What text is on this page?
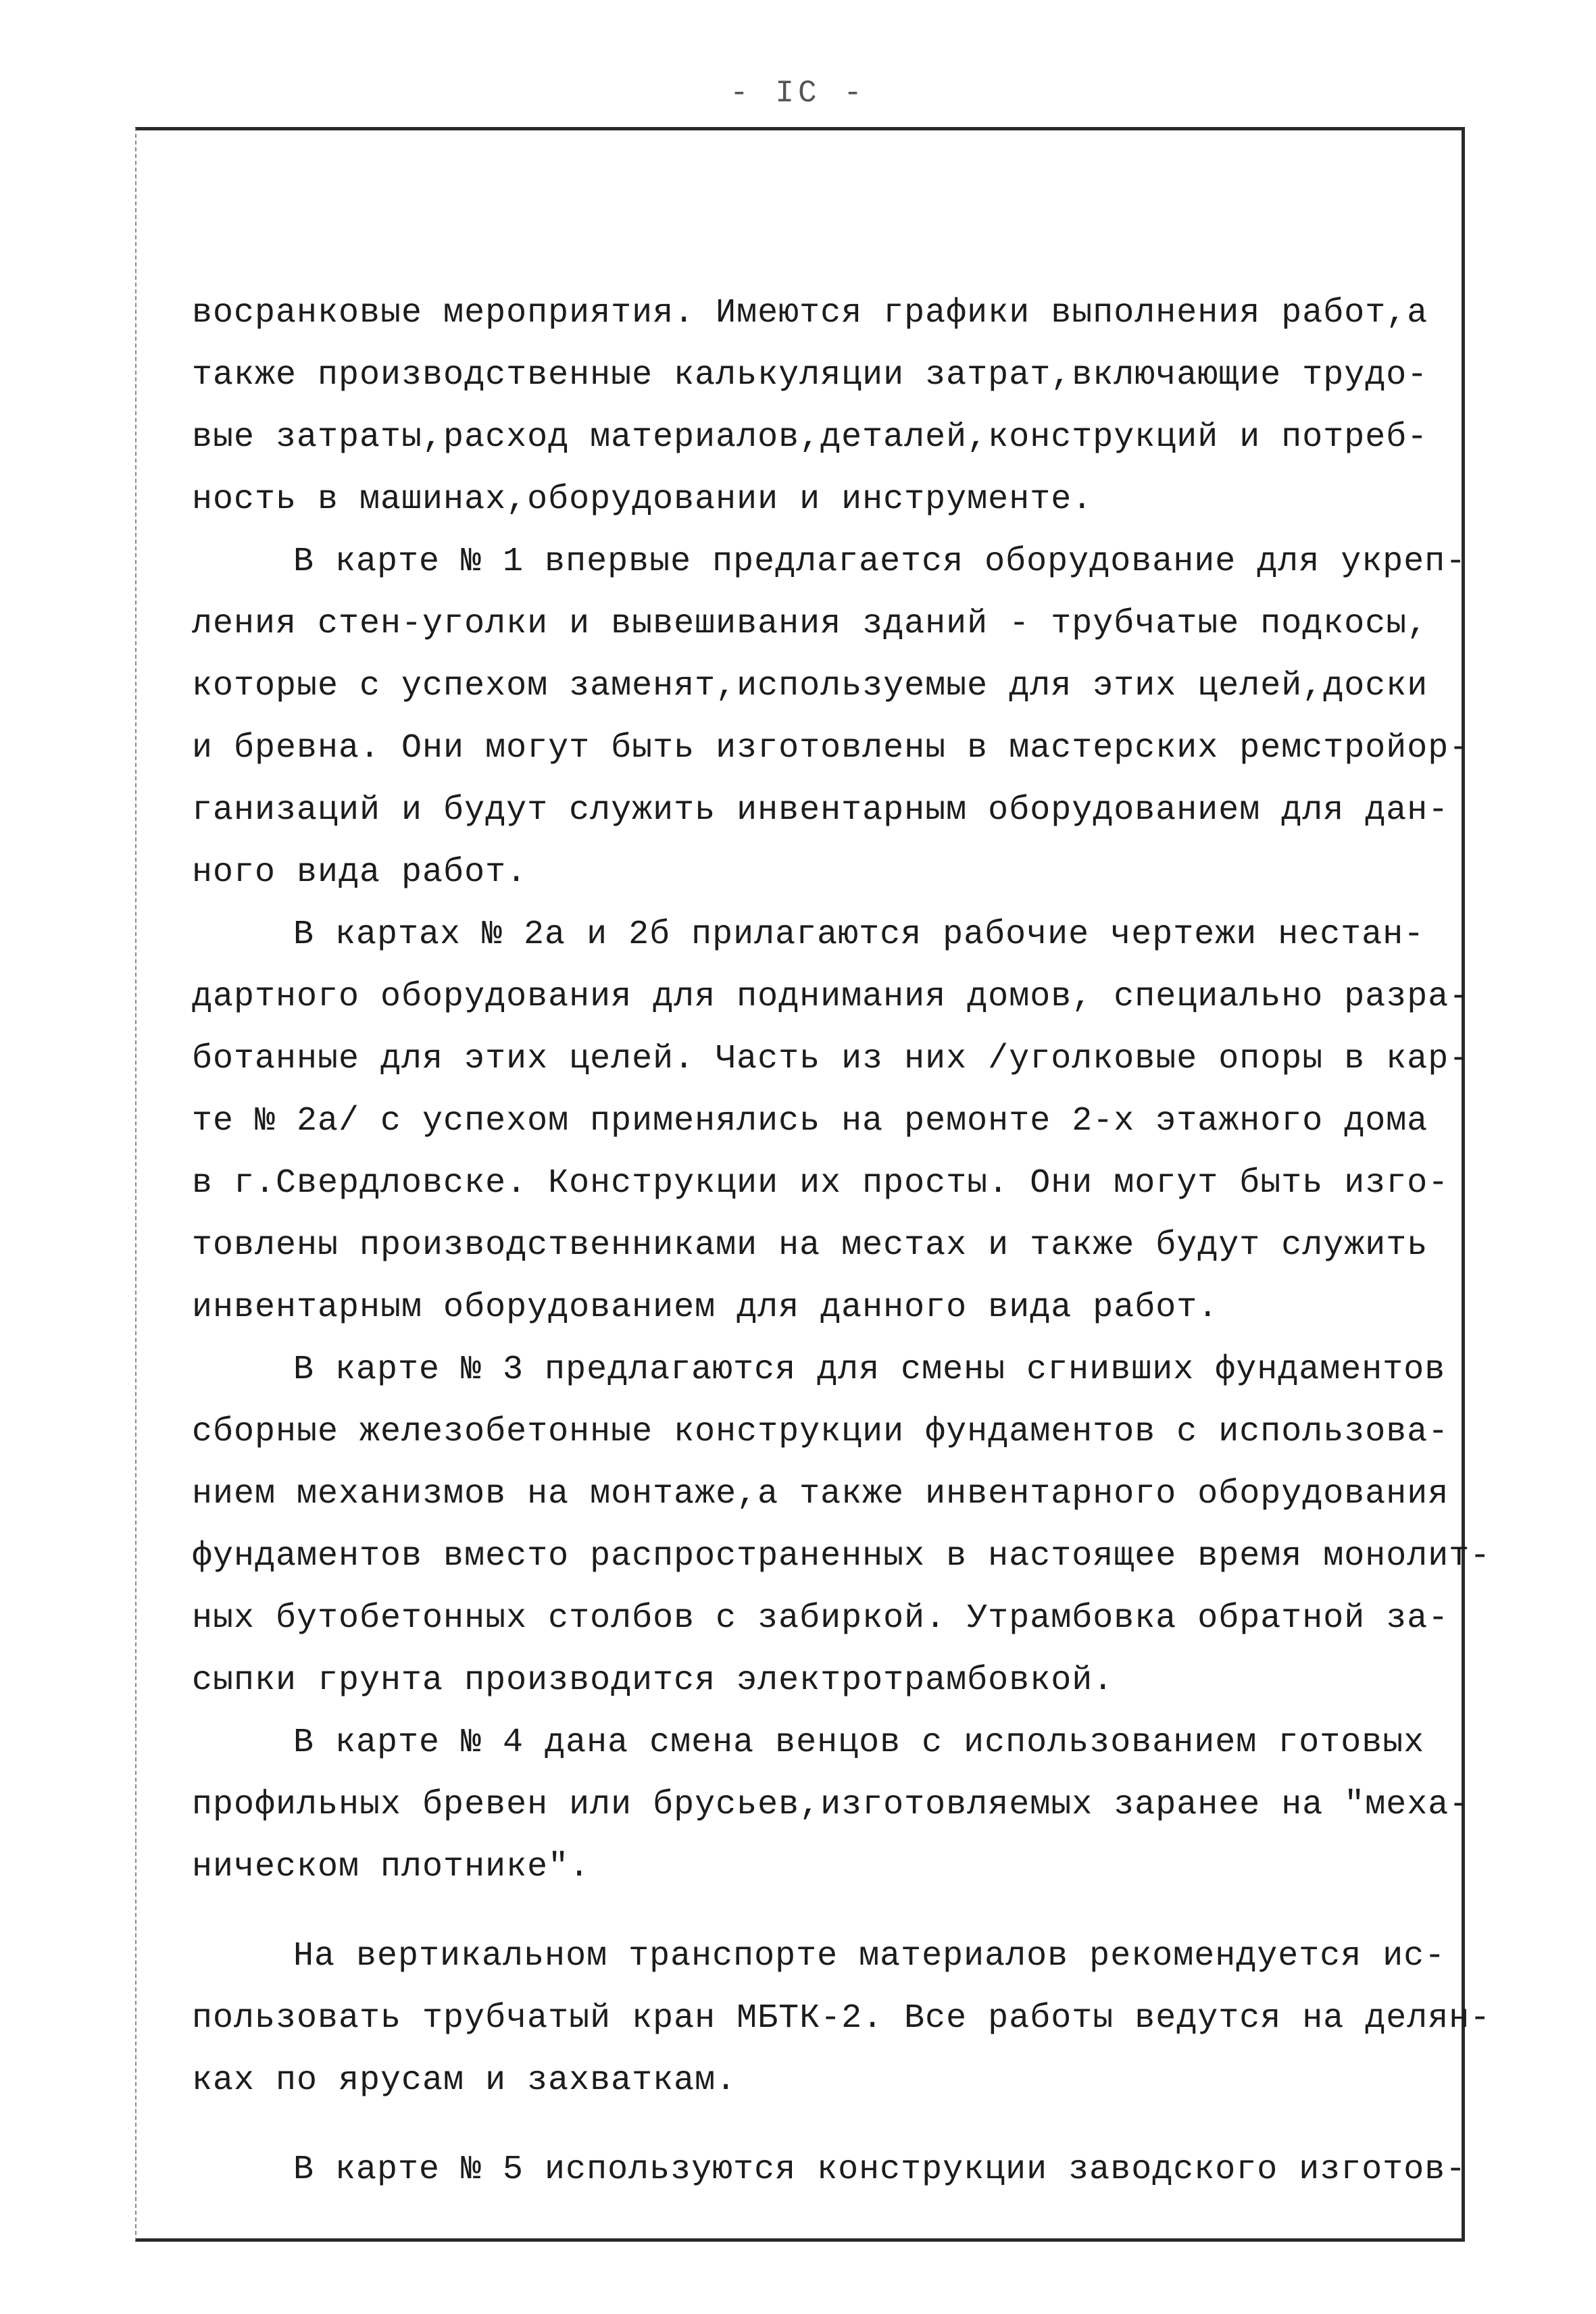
- IC -
восранковые мероприятия. Имеются графики выполнения работ,а
также производственные калькуляции затрат,включающие трудо-
вые затраты,расход материалов,деталей,конструкций и потреб-
ность в машинах,оборудовании и инструменте.
В карте № 1 впервые предлагается оборудование для укреп-
ления стен-уголки и вывешивания зданий - трубчатые подкосы,
которые с успехом заменят,используемые для этих целей,доски
и бревна. Они могут быть изготовлены в мастерских ремстройор-
ганизаций и будут служить инвентарным оборудованием для дан-
ного вида работ.
В картах № 2а и 2б прилагаются рабочие чертежи нестан-
дартного оборудования для поднимания домов, специально разра-
ботанные для этих целей. Часть из них /уголковые опоры в кар-
те № 2а/ с успехом применялись на ремонте 2-х этажного дома
в г.Свердловске. Конструкции их просты. Они могут быть изго-
товлены производственниками на местах и также будут служить
инвентарным оборудованием для данного вида работ.
В карте № 3 предлагаются для смены сгнивших фундаментов
сборные железобетонные конструкции фундаментов с использова-
нием механизмов на монтаже,а также инвентарного оборудования
фундаментов вместо распространенных в настоящее время монолит-
ных бутобетонных столбов с забиркой. Утрамбовка обратной за-
сыпки грунта производится электротрамбовкой.
В карте № 4 дана смена венцов с использованием готовых
профильных бревен или брусьев,изготовляемых заранее на "меха-
ническом плотнике".
На вертикальном транспорте материалов рекомендуется ис-
пользовать трубчатый кран МБТК-2. Все работы ведутся на делян-
ках по ярусам и захваткам.
В карте № 5 используются конструкции заводского изготов-
